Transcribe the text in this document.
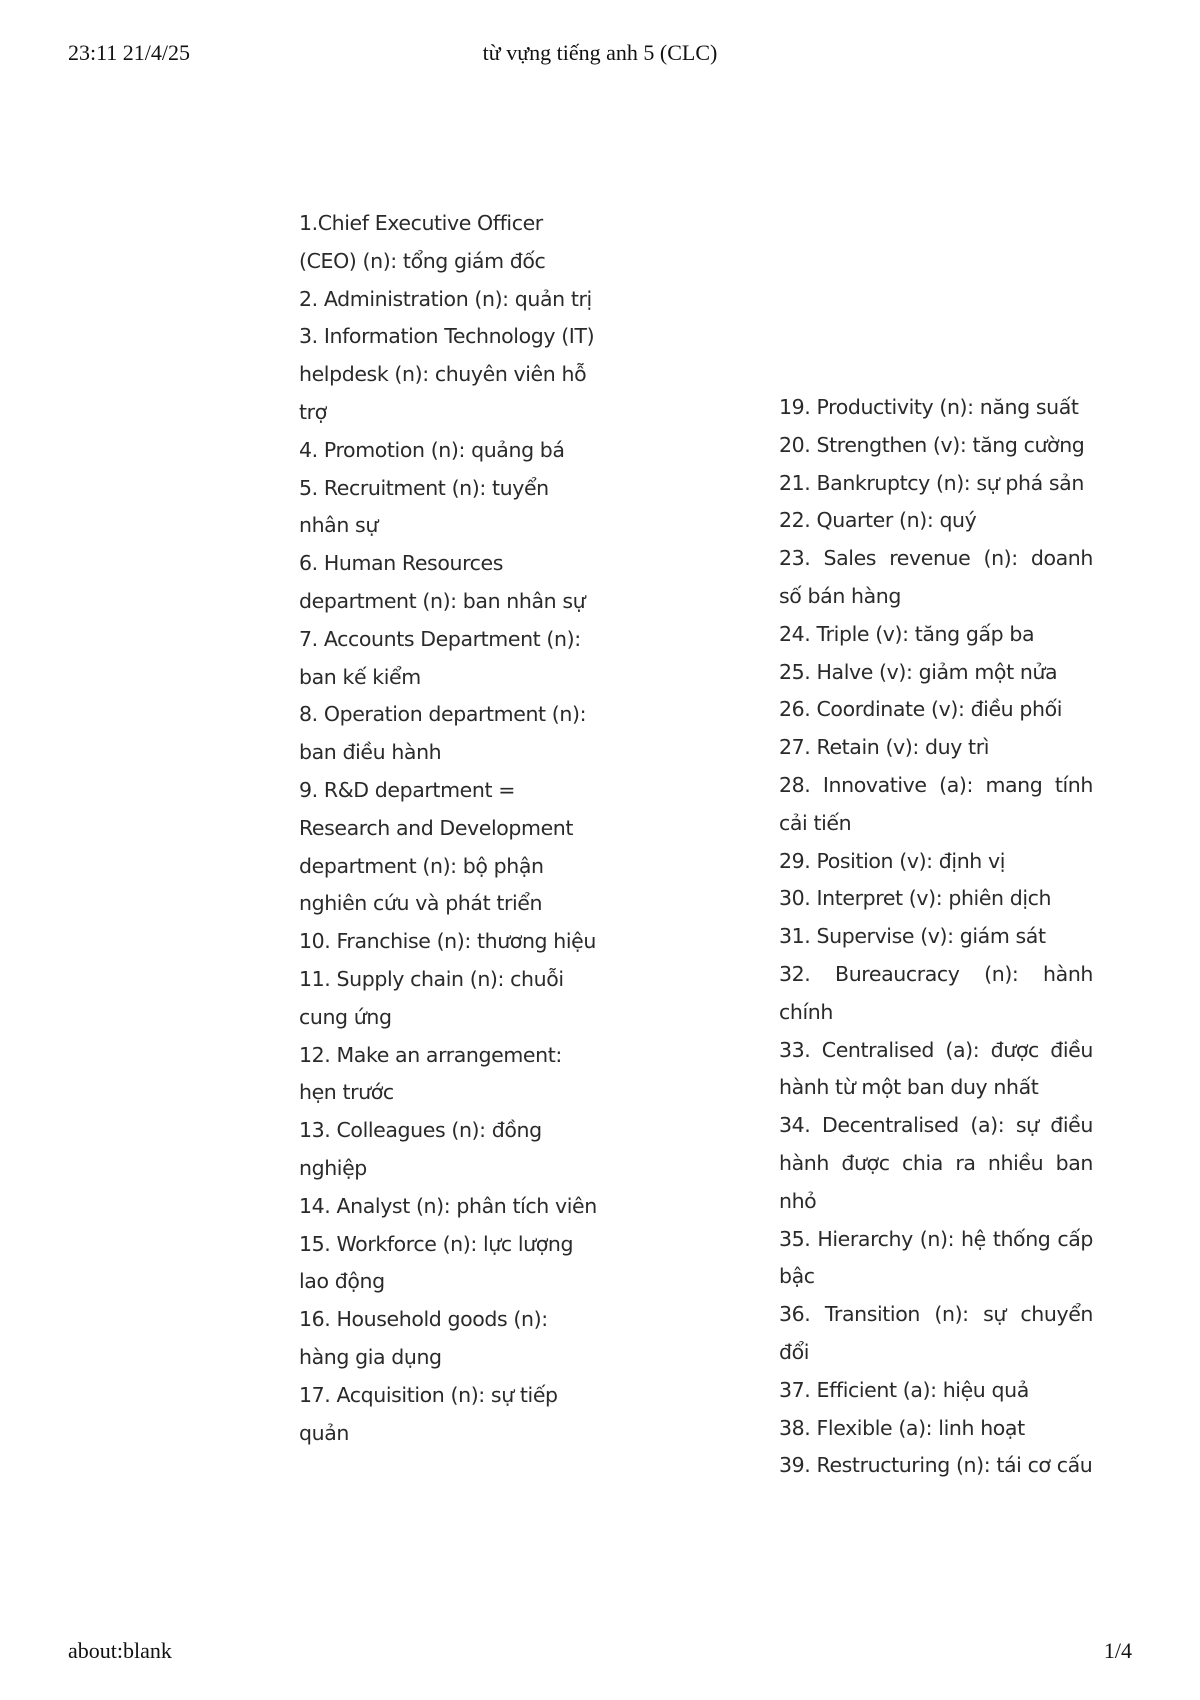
23:11 21/4/25	từ vựng tiếng anh 5 (CLC)

1.Chief Executive Officer (CEO) (n): tổng giám đốc

2. Administration (n): quản trị

3. Information Technology (IT) helpdesk (n): chuyên viên hỗ trợ

4. Promotion (n): quảng bá

5. Recruitment (n): tuyển nhân sự

6. Human Resources department (n): ban nhân sự

7. Accounts Department (n): ban kế kiểm

8. Operation department (n): ban điều hành

9. R&D department = Research and Development department (n): bộ phận nghiên cứu và phát triển

10. Franchise (n): thương hiệu

11. Supply chain (n): chuỗi cung ứng

12. Make an arrangement: hẹn trước

13. Colleagues (n): đồng nghiệp

14. Analyst (n): phân tích viên

15. Workforce (n): lực lượng lao động

16. Household goods (n): hàng gia dụng

17. Acquisition (n): sự tiếp quản

19. Productivity (n): năng suất

20. Strengthen (v): tăng cường

21. Bankruptcy (n): sự phá sản

22. Quarter (n): quý

23. Sales revenue (n): doanh số bán hàng

24. Triple (v): tăng gấp ba

25. Halve (v): giảm một nửa

26. Coordinate (v): điều phối

27. Retain (v): duy trì

28. Innovative (a): mang tính cải tiến

29. Position (v): định vị

30. Interpret (v): phiên dịch

31. Supervise (v): giám sát

32. Bureaucracy (n): hành chính

33. Centralised (a): được điều hành từ một ban duy nhất

34. Decentralised (a): sự điều hành được chia ra nhiều ban nhỏ

35. Hierarchy (n): hệ thống cấp bậc

36. Transition (n): sự chuyển đổi

37. Efficient (a): hiệu quả

38. Flexible (a): linh hoạt

39. Restructuring (n): tái cơ cấu

about:blank	1/4
